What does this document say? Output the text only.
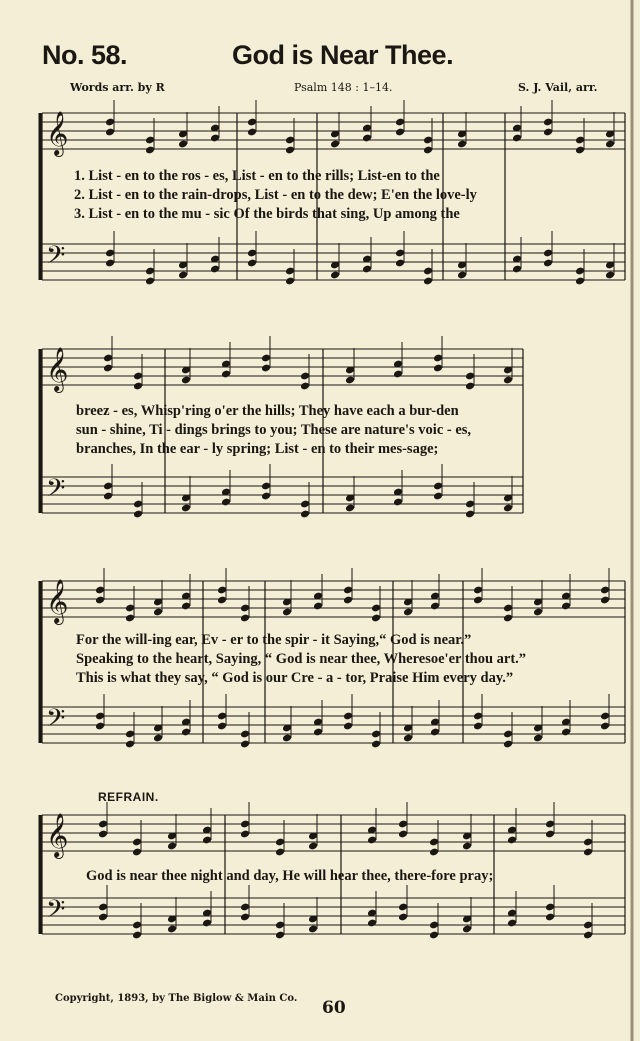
No. 58.	God is Near Thee.
Words arr. by R	Psalm 148 : 1–14.	S. J. Vail, arr.
𝄞
𝄢
𝄞
𝄢
𝄞
𝄢
𝄞
𝄢
1. List - en to the ros - es, List - en to the rills; List-en to the
2. List - en to the rain-drops, List - en to the dew; E'en the love-ly
3. List - en to the mu - sic Of the birds that sing, Up among the
breez - es, Whisp'ring o'er the hills; They have each a bur-den
sun - shine, Ti - dings brings to you; These are nature's voic - es,
branches, In the ear - ly spring; List - en to their mes-sage;
For the will-ing ear, Ev - er to the spir - it Saying,“ God is near.”
Speaking to the heart, Saying, “ God is near thee, Wheresoe'er thou art.”
This is what they say, “ God is our Cre - a - tor, Praise Him every day.”
REFRAIN.
God is near thee night and day, He will hear thee, there-fore pray;
Copyright, 1893, by The Biglow & Main Co. 60
